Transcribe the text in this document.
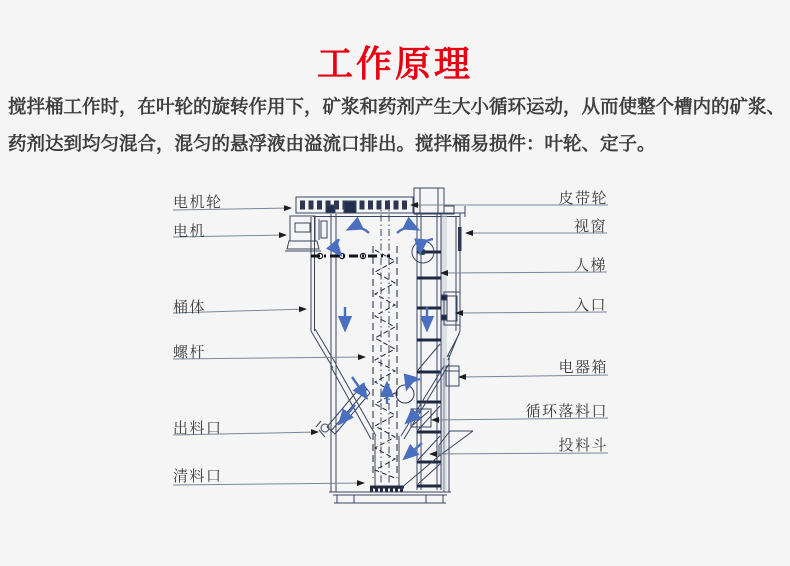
工作原理
搅拌桶工作时，在叶轮的旋转作用下，矿浆和药剂产生大小循环运动，从而使整个槽内的矿浆、
药剂达到均匀混合，混匀的悬浮液由溢流口排出。搅拌桶易损件：叶轮、定子。
电机轮
电机
桶体
螺杆
出料口
清料口
皮带轮
视窗
人梯
入口
电器箱
循环落料口
投料斗
